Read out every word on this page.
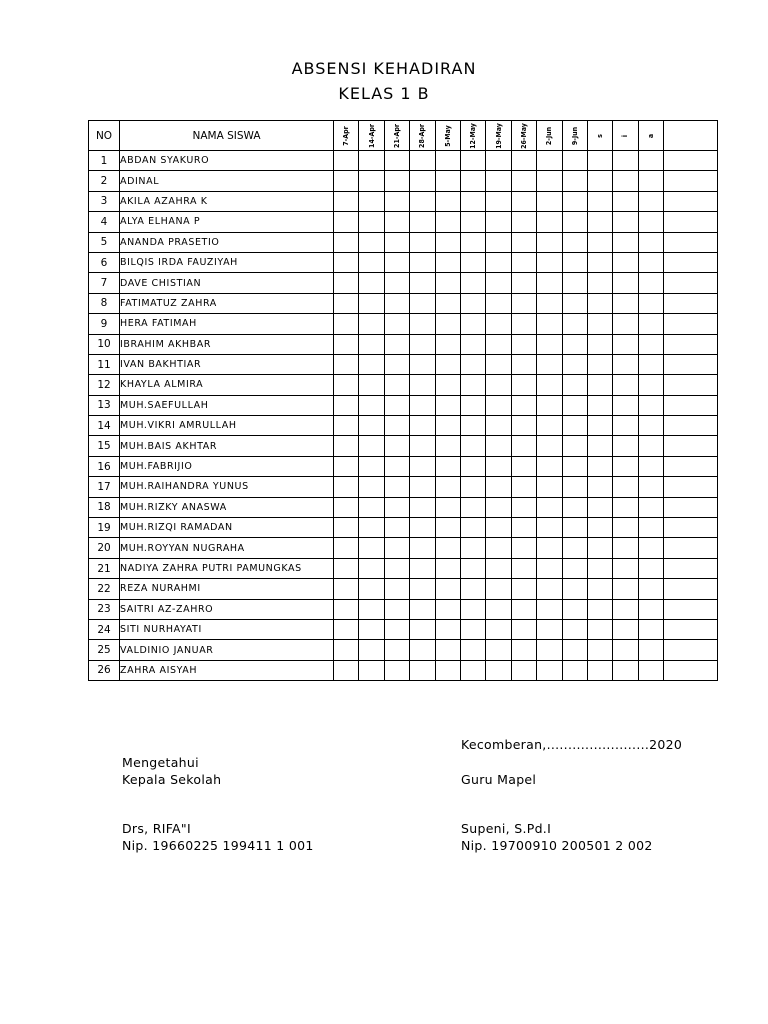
ABSENSI KEHADIRAN
KELAS 1 B
NO	NAMA SISWA	7-Apr	14-Apr	21-Apr	28-Apr	5-May	12-May	19-May	26-May	2-Jun	9-Jun	s	i	a	

1	ABDAN SYAKURO														
2	ADINAL														
3	AKILA AZAHRA K														
4	ALYA ELHANA P														
5	ANANDA PRASETIO														
6	BILQIS IRDA FAUZIYAH														
7	DAVE CHISTIAN														
8	FATIMATUZ ZAHRA														
9	HERA FATIMAH														
10	IBRAHIM AKHBAR														
11	IVAN BAKHTIAR														
12	KHAYLA ALMIRA														
13	MUH.SAEFULLAH														
14	MUH.VIKRI AMRULLAH														
15	MUH.BAIS AKHTAR														
16	MUH.FABRIJIO														
17	MUH.RAIHANDRA YUNUS														
18	MUH.RIZKY ANASWA														
19	MUH.RIZQI RAMADAN														
20	MUH.ROYYAN NUGRAHA														
21	NADIYA ZAHRA PUTRI PAMUNGKAS														
22	REZA NURAHMI														
23	SAITRI AZ-ZAHRO														
24	SITI NURHAYATI														
25	VALDINIO JANUAR														
26	ZAHRA AISYAH														
Kecomberan,........................2020
Mengetahui
Kepala Sekolah	Guru Mapel
Drs, RIFA"I	Supeni, S.Pd.I
Nip. 19660225 199411 1 001	Nip. 19700910 200501 2 002
